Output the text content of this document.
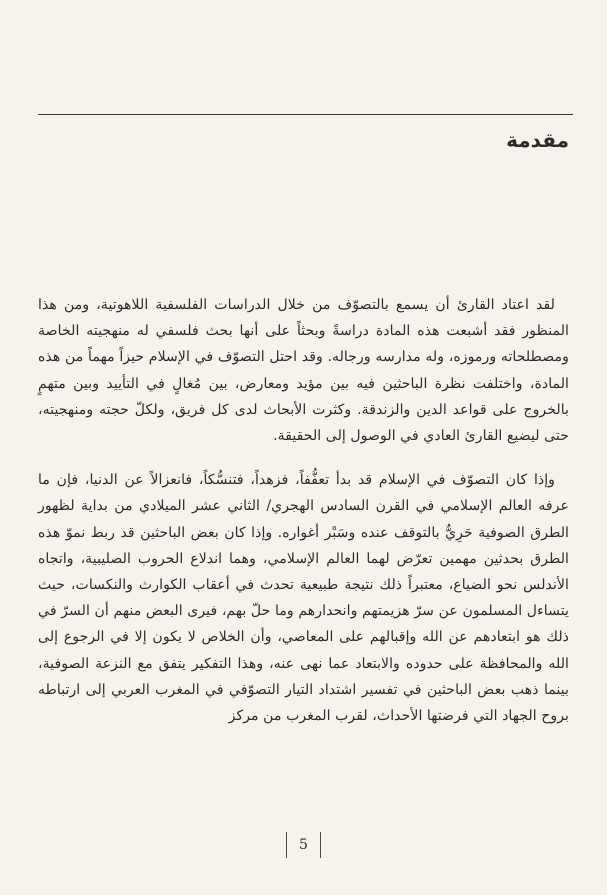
مقدمة

لقد اعتاد القارئ أن يسمع بالتصوّف من خلال الدراسات الفلسفية اللاهوتية، ومن هذا المنظور فقد أشبعت هذه المادة دراسةً وبحثاً على أنها بحث فلسفي له منهجيته الخاصة ومصطلحاته ورموزه، وله مدارسه ورجاله. وقد احتل التصوّف في الإسلام حيزاً مهماً من هذه المادة، واختلفت نظرة الباحثين فيه بين مؤيد ومعارض، بين مُغالٍ في التأييد وبين متهمٍ بالخروج على قواعد الدين والزندقة. وكثرت الأبحاث لدى كل فريق، ولكلّ حجته ومنهجيته، حتى ليضيع القارئ العادي في الوصول إلى الحقيقة.

وإذا كان التصوّف في الإسلام قد بدأ تعفُّفاً، فزهداً، فتنسُّكاً، فانعزالاً عن الدنيا، فإن ما عرفه العالم الإسلامي في القرن السادس الهجري/ الثاني عشر الميلادي من بداية لظهور الطرق الصوفية حَرِيٌّ بالتوقف عنده وسَبْر أغواره. وإذا كان بعض الباحثين قد ربط نموّ هذه الطرق بحدثين مهمين تعرّض لهما العالم الإسلامي، وهما اندلاع الحروب الصليبية، واتجاه الأندلس نحو الضياع، معتبراً ذلك نتيجة طبيعية تحدث في أعقاب الكوارث والنكسات، حيث يتساءل المسلمون عن سرّ هزيمتهم وانحدارهم وما حلّ بهم، فيرى البعض منهم أن السرّ في ذلك هو ابتعادهم عن الله وإقبالهم على المعاصي، وأن الخلاص لا يكون إلا في الرجوع إلى الله والمحافظة على حدوده والابتعاد عما نهى عنه، وهذا التفكير يتفق مع النزعة الصوفية، بينما ذهب بعض الباحثين في تفسير اشتداد التيار التصوّفي في المغرب العربي إلى ارتباطه بروح الجهاد التي فرضتها الأحداث، لقرب المغرب من مركز

5
